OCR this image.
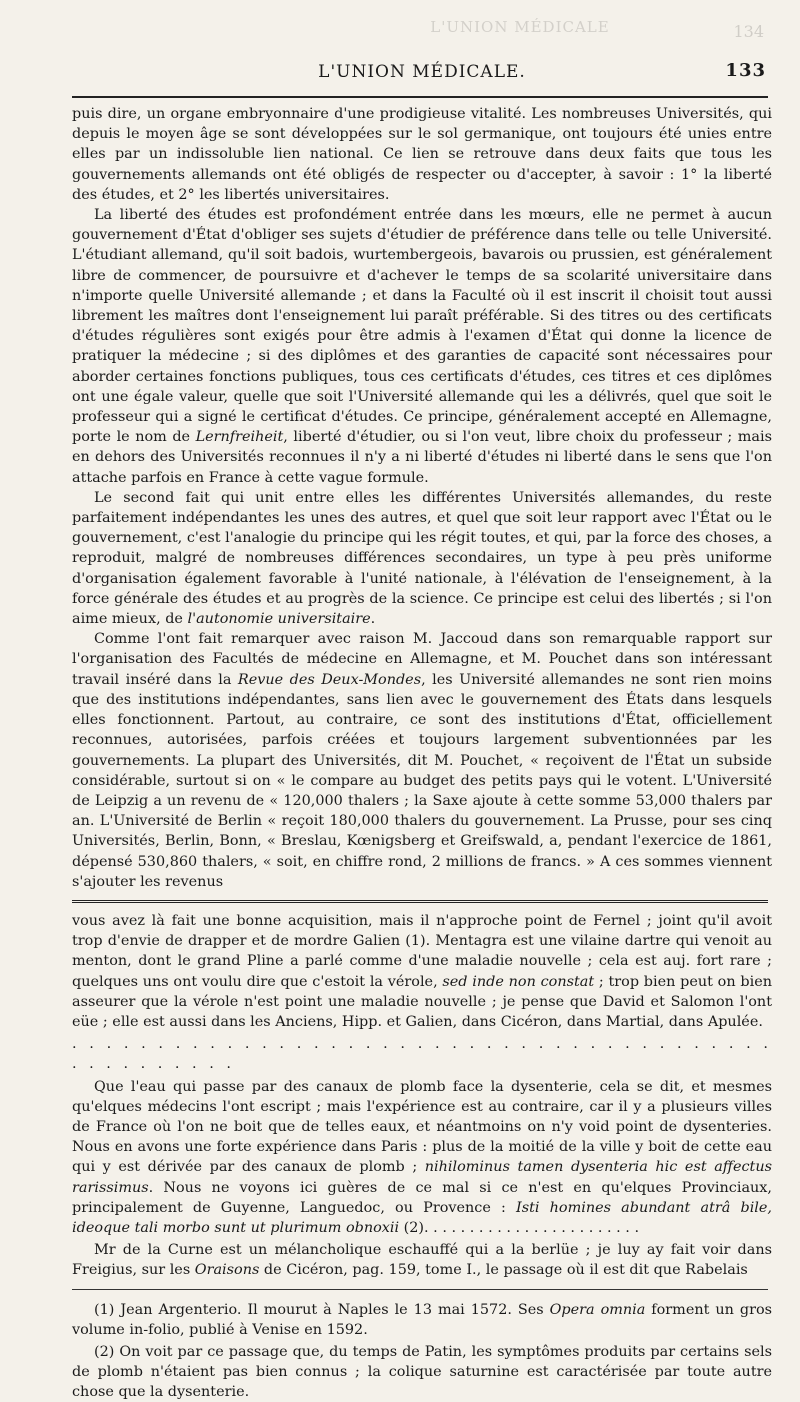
L'UNION MÉDICALE	134
L'UNION MÉDICALE.	133

puis dire, un organe embryonnaire d'une prodigieuse vitalité. Les nombreuses Universités, qui depuis le moyen âge se sont développées sur le sol germanique, ont toujours été unies entre elles par un indissoluble lien national. Ce lien se retrouve dans deux faits que tous les gouvernements allemands ont été obligés de respecter ou d'accepter, à savoir : 1° la liberté des études, et 2° les libertés universitaires.

La liberté des études est profondément entrée dans les mœurs, elle ne permet à aucun gouvernement d'État d'obliger ses sujets d'étudier de préférence dans telle ou telle Université. L'étudiant allemand, qu'il soit badois, wurtembergeois, bavarois ou prussien, est généralement libre de commencer, de poursuivre et d'achever le temps de sa scolarité universitaire dans n'importe quelle Université allemande ; et dans la Faculté où il est inscrit il choisit tout aussi librement les maîtres dont l'enseignement lui paraît préférable. Si des titres ou des certificats d'études régulières sont exigés pour être admis à l'examen d'État qui donne la licence de pratiquer la médecine ; si des diplômes et des garanties de capacité sont nécessaires pour aborder certaines fonctions publiques, tous ces certificats d'études, ces titres et ces diplômes ont une égale valeur, quelle que soit l'Université allemande qui les a délivrés, quel que soit le professeur qui a signé le certificat d'études. Ce principe, généralement accepté en Allemagne, porte le nom de Lernfreiheit, liberté d'étudier, ou si l'on veut, libre choix du professeur ; mais en dehors des Universités reconnues il n'y a ni liberté d'études ni liberté dans le sens que l'on attache parfois en France à cette vague formule.

Le second fait qui unit entre elles les différentes Universités allemandes, du reste parfaitement indépendantes les unes des autres, et quel que soit leur rapport avec l'État ou le gouvernement, c'est l'analogie du principe qui les régit toutes, et qui, par la force des choses, a reproduit, malgré de nombreuses différences secondaires, un type à peu près uniforme d'organisation également favorable à l'unité nationale, à l'élévation de l'enseignement, à la force générale des études et au progrès de la science. Ce principe est celui des libertés ; si l'on aime mieux, de l'autonomie universitaire.

Comme l'ont fait remarquer avec raison M. Jaccoud dans son remarquable rapport sur l'organisation des Facultés de médecine en Allemagne, et M. Pouchet dans son intéressant travail inséré dans la Revue des Deux-Mondes, les Université allemandes ne sont rien moins que des institutions indépendantes, sans lien avec le gouvernement des États dans lesquels elles fonctionnent. Partout, au contraire, ce sont des institutions d'État, officiellement reconnues, autorisées, parfois créées et toujours largement subventionnées par les gouvernements. La plupart des Universités, dit M. Pouchet, « reçoivent de l'État un subside considérable, surtout si on « le compare au budget des petits pays qui le votent. L'Université de Leipzig a un revenu de « 120,000 thalers ; la Saxe ajoute à cette somme 53,000 thalers par an. L'Université de Berlin « reçoit 180,000 thalers du gouvernement. La Prusse, pour ses cinq Universités, Berlin, Bonn, « Breslau, Kœnigsberg et Greifswald, a, pendant l'exercice de 1861, dépensé 530,860 thalers, « soit, en chiffre rond, 2 millions de francs. » A ces sommes viennent s'ajouter les revenus

vous avez là fait une bonne acquisition, mais il n'approche point de Fernel ; joint qu'il avoit trop d'envie de drapper et de mordre Galien (1). Mentagra est une vilaine dartre qui venoit au menton, dont le grand Pline a parlé comme d'une maladie nouvelle ; cela est auj. fort rare ; quelques uns ont voulu dire que c'estoit la vérole, sed inde non constat ; trop bien peut on bien asseurer que la vérole n'est point une maladie nouvelle ; je pense que David et Salomon l'ont eüe ; elle est aussi dans les Anciens, Hipp. et Galien, dans Cicéron, dans Martial, dans Apulée.

. . . . . . . . . . . . . . . . . . . . . . . . . . . . . . . . . . . . . . . . . . . . . . . . . . .

Que l'eau qui passe par des canaux de plomb face la dysenterie, cela se dit, et mesmes qu'elques médecins l'ont escript ; mais l'expérience est au contraire, car il y a plusieurs villes de France où l'on ne boit que de telles eaux, et néantmoins on n'y void point de dysenteries. Nous en avons une forte expérience dans Paris : plus de la moitié de la ville y boit de cette eau qui y est dérivée par des canaux de plomb ; nihilominus tamen dysenteria hic est affectus rarissimus. Nous ne voyons ici guères de ce mal si ce n'est en qu'elques Provinciaux, principalement de Guyenne, Languedoc, ou Provence : Isti homines abundant atrâ bile, ideoque tali morbo sunt ut plurimum obnoxii (2). . . . . . . . . . . . . . . . . . . . . . . .

Mr de la Curne est un mélancholique eschauffé qui a la berlüe ; je luy ay fait voir dans Freigius, sur les Oraisons de Cicéron, pag. 159, tome I., le passage où il est dit que Rabelais

(1) Jean Argenterio. Il mourut à Naples le 13 mai 1572. Ses Opera omnia forment un gros volume in-folio, publié à Venise en 1592.

(2) On voit par ce passage que, du temps de Patin, les symptômes produits par certains sels de plomb n'étaient pas bien connus ; la colique saturnine est caractérisée par toute autre chose que la dysenterie.
